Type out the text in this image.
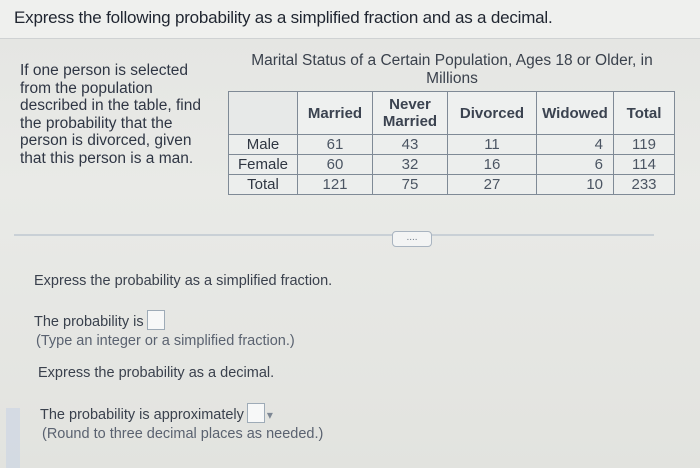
Express the following probability as a simplified fraction and as a decimal.
If one person is selected from the population described in the table, find the probability that the person is divorced, given that this person is a man.
Marital Status of a Certain Population, Ages 18 or Older, in Millions
	Married	Never Married	Divorced	Widowed	Total
Male	61	43	11	4	119
Female	60	32	16	6	114
Total	121	75	27	10	233
....
Express the probability as a simplified fraction.
The probability is
(Type an integer or a simplified fraction.)
Express the probability as a decimal.
The probability is approximately ▾
(Round to three decimal places as needed.)
